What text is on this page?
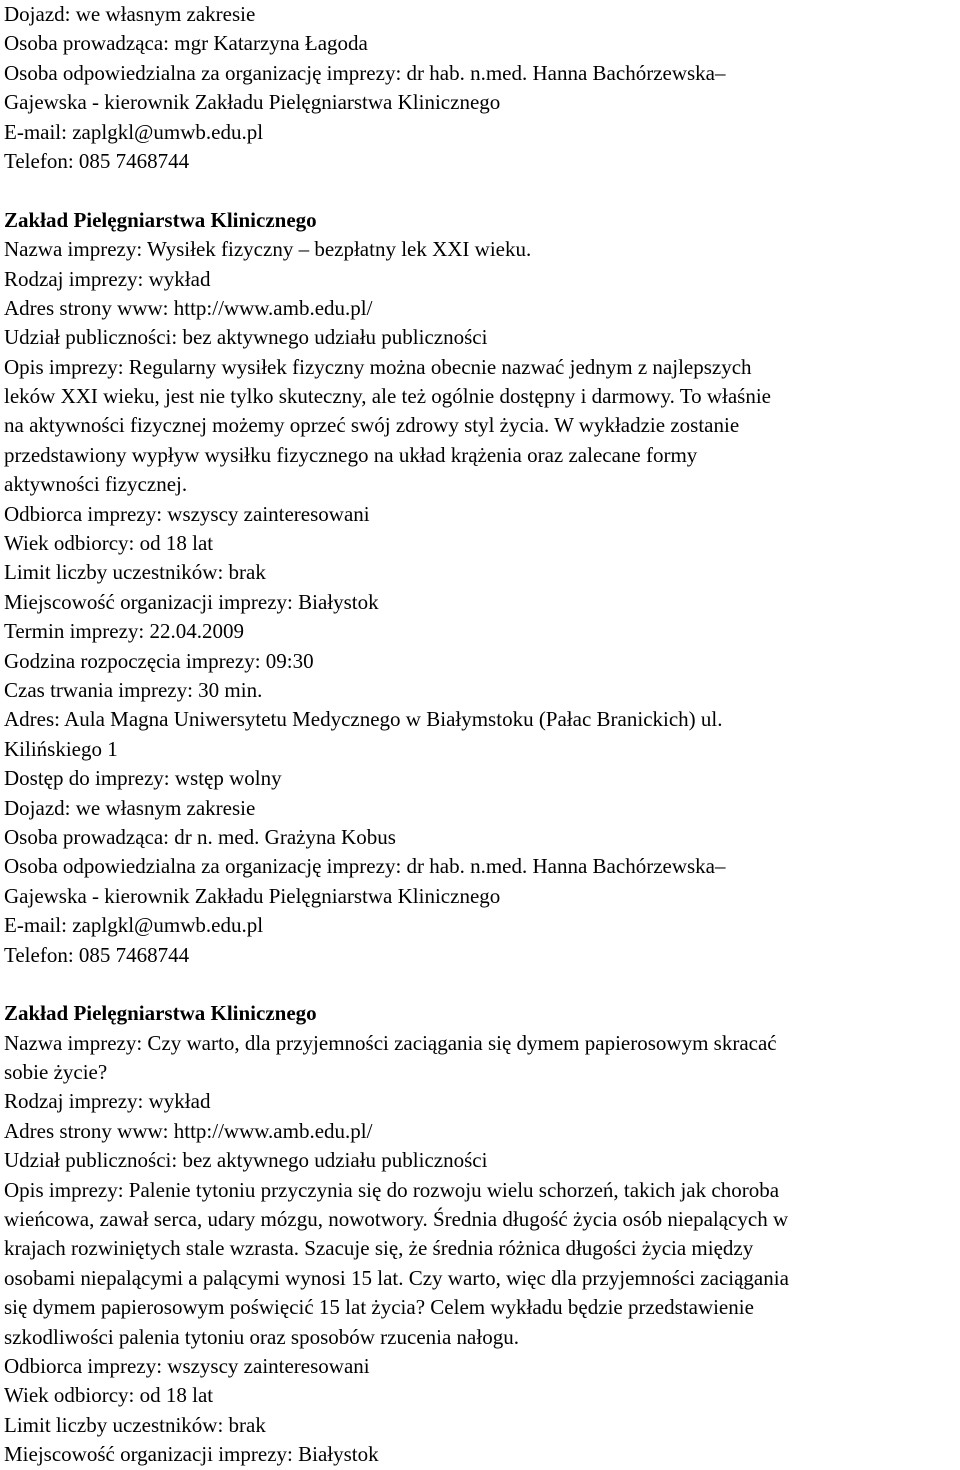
Dojazd: we własnym zakresie
Osoba prowadząca: mgr Katarzyna Łagoda
Osoba odpowiedzialna za organizację imprezy: dr hab. n.med. Hanna Bachórzewska–
Gajewska - kierownik Zakładu Pielęgniarstwa Klinicznego
E-mail: zaplgkl@umwb.edu.pl
Telefon: 085 7468744
Zakład Pielęgniarstwa Klinicznego
Nazwa imprezy: Wysiłek fizyczny – bezpłatny lek XXI wieku.
Rodzaj imprezy: wykład
Adres strony www: http://www.amb.edu.pl/
Udział publiczności: bez aktywnego udziału publiczności
Opis imprezy: Regularny wysiłek fizyczny można obecnie nazwać jednym z najlepszych
leków XXI wieku, jest nie tylko skuteczny, ale też ogólnie dostępny i darmowy. To właśnie
na aktywności fizycznej możemy oprzeć swój zdrowy styl życia. W wykładzie zostanie
przedstawiony wypływ wysiłku fizycznego na układ krążenia oraz zalecane formy
aktywności fizycznej.
Odbiorca imprezy: wszyscy zainteresowani
Wiek odbiorcy: od 18 lat
Limit liczby uczestników: brak
Miejscowość organizacji imprezy: Białystok
Termin imprezy: 22.04.2009
Godzina rozpoczęcia imprezy: 09:30
Czas trwania imprezy: 30 min.
Adres: Aula Magna Uniwersytetu Medycznego w Białymstoku (Pałac Branickich) ul.
Kilińskiego 1
Dostęp do imprezy: wstęp wolny
Dojazd: we własnym zakresie
Osoba prowadząca: dr n. med. Grażyna Kobus
Osoba odpowiedzialna za organizację imprezy: dr hab. n.med. Hanna Bachórzewska–
Gajewska - kierownik Zakładu Pielęgniarstwa Klinicznego
E-mail: zaplgkl@umwb.edu.pl
Telefon: 085 7468744
Zakład Pielęgniarstwa Klinicznego
Nazwa imprezy: Czy warto, dla przyjemności zaciągania się dymem papierosowym skracać
sobie życie?
Rodzaj imprezy: wykład
Adres strony www: http://www.amb.edu.pl/
Udział publiczności: bez aktywnego udziału publiczności
Opis imprezy: Palenie tytoniu przyczynia się do rozwoju wielu schorzeń, takich jak choroba
wieńcowa, zawał serca, udary mózgu, nowotwory. Średnia długość życia osób niepalących w
krajach rozwiniętych stale wzrasta. Szacuje się, że średnia różnica długości życia między
osobami niepalącymi a palącymi wynosi 15 lat. Czy warto, więc dla przyjemności zaciągania
się dymem papierosowym poświęcić 15 lat życia? Celem wykładu będzie przedstawienie
szkodliwości palenia tytoniu oraz sposobów rzucenia nałogu.
Odbiorca imprezy: wszyscy zainteresowani
Wiek odbiorcy: od 18 lat
Limit liczby uczestników: brak
Miejscowość organizacji imprezy: Białystok
